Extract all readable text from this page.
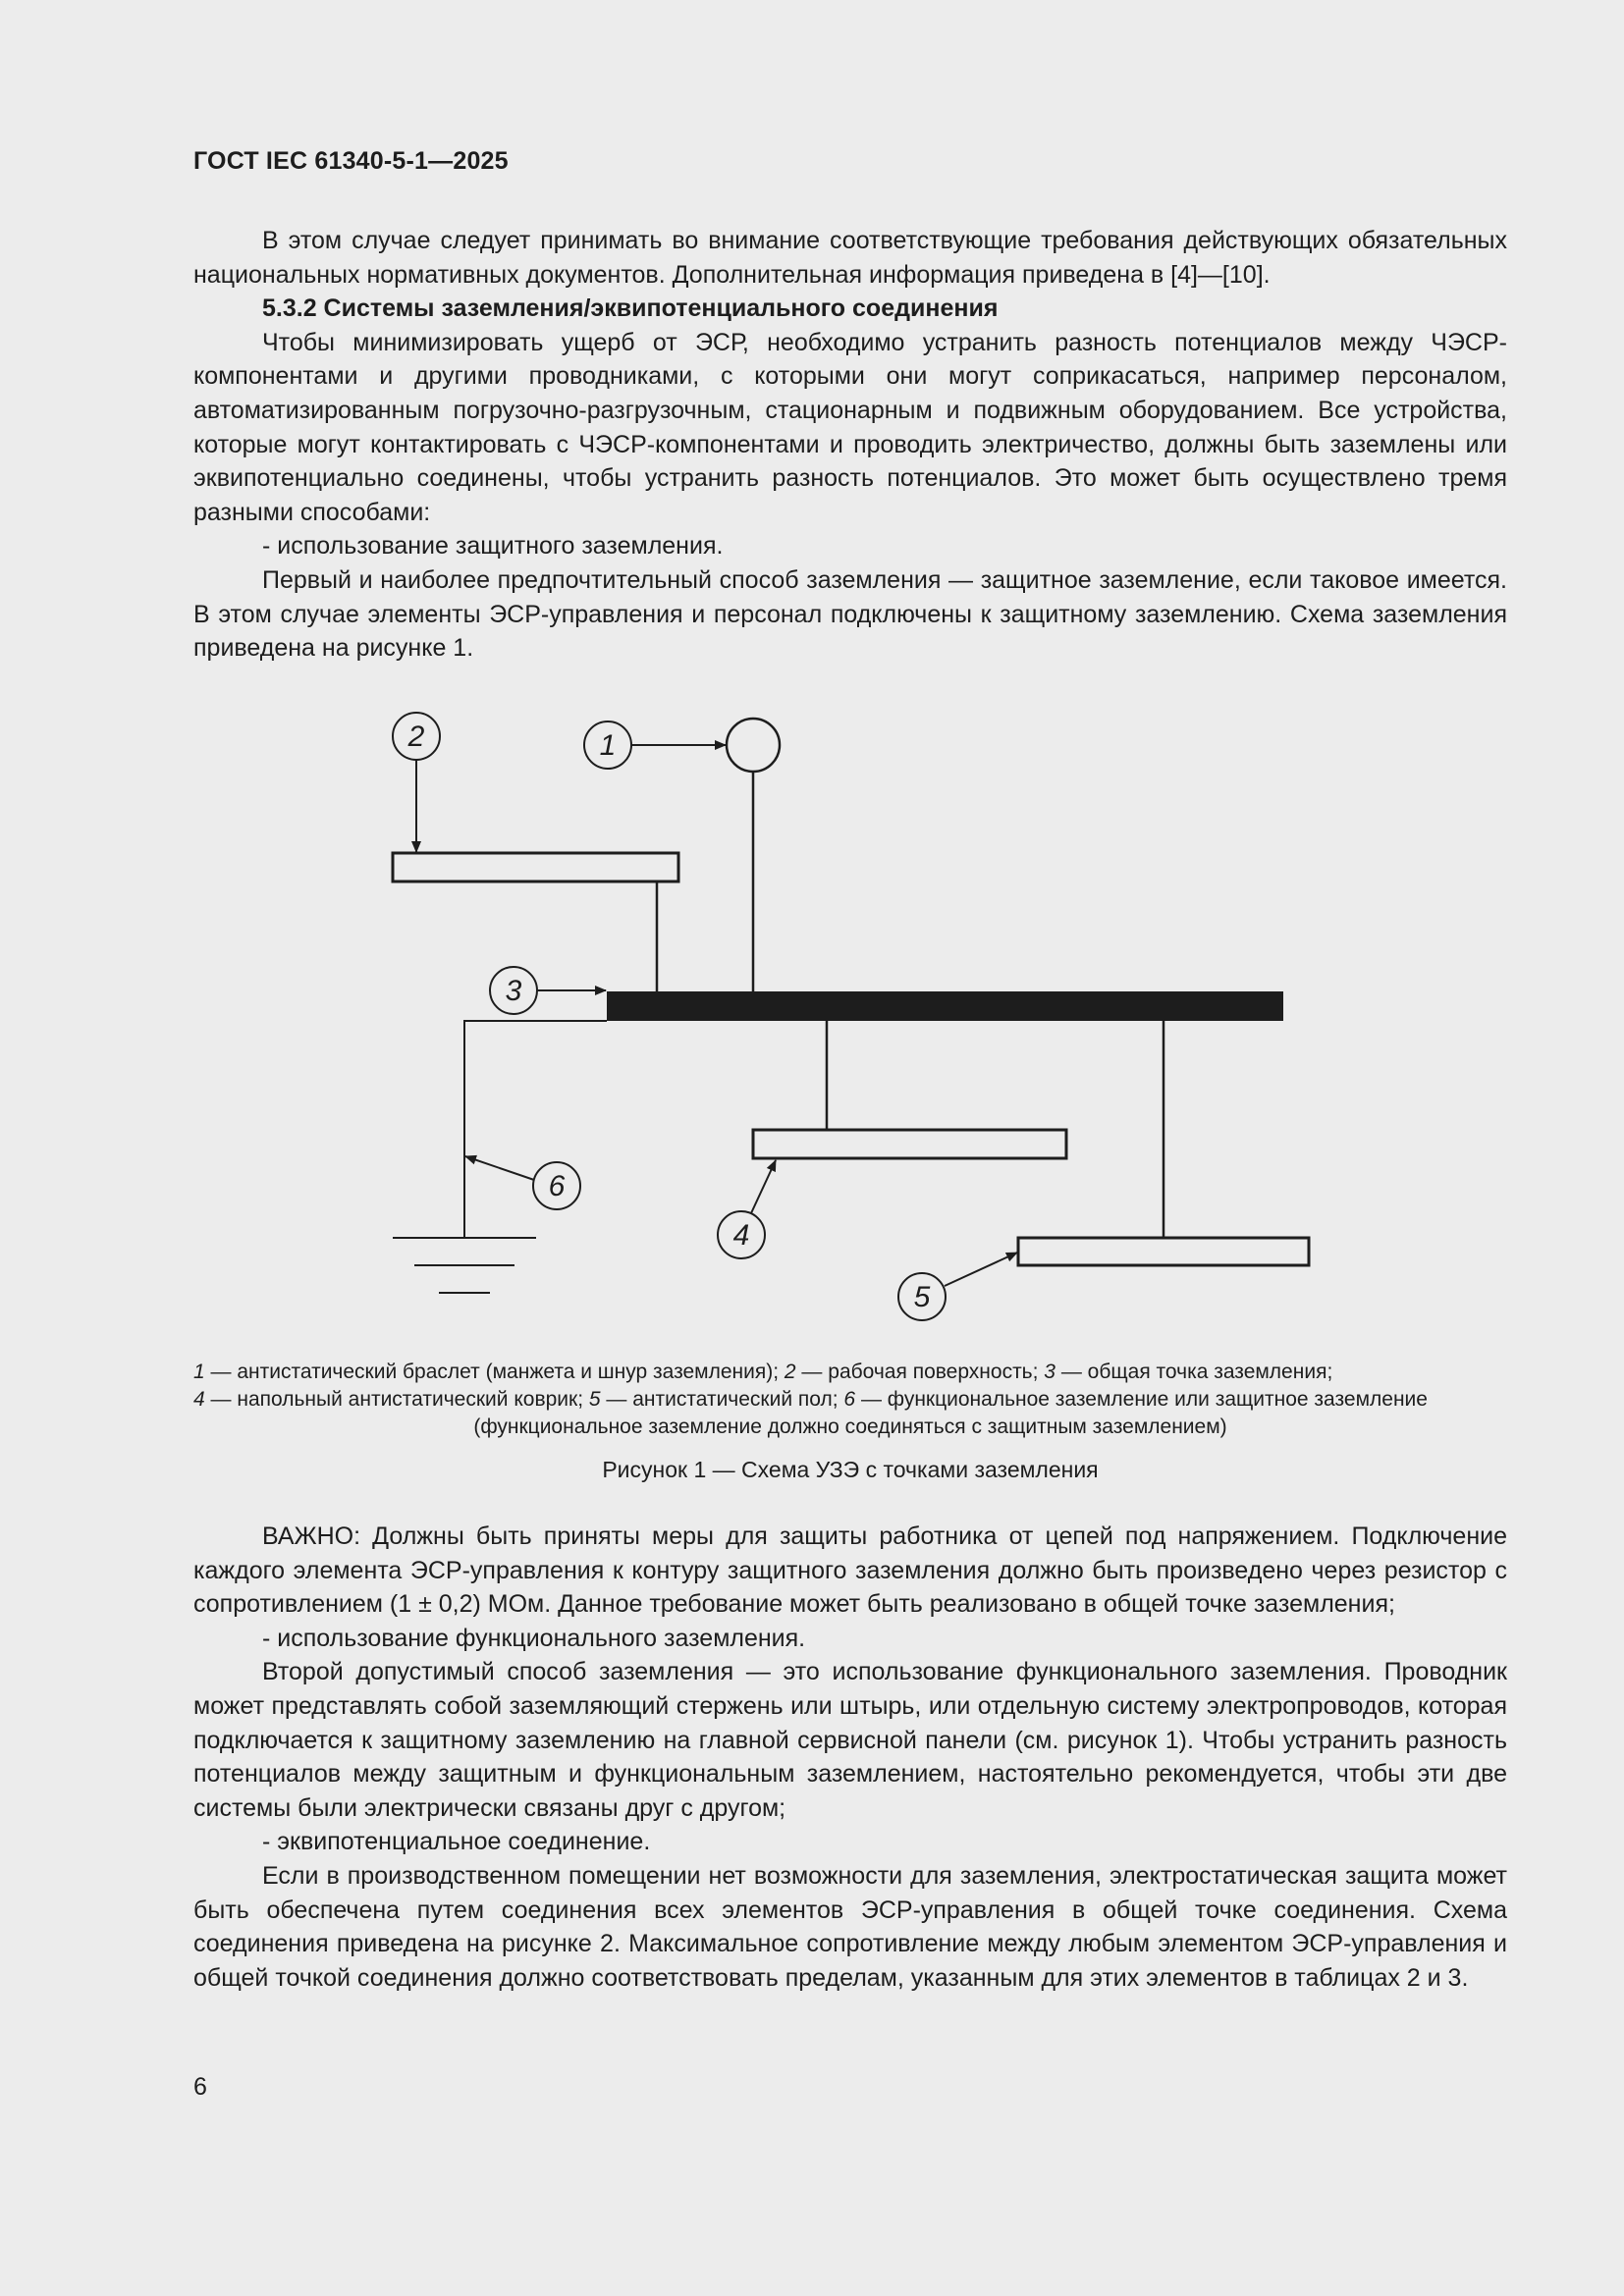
ГОСТ IEC 61340-5-1—2025

В этом случае следует принимать во внимание соответствующие требования действующих обязательных национальных нормативных документов. Дополнительная информация приведена в [4]—[10].

5.3.2 Системы заземления/эквипотенциального соединения

Чтобы минимизировать ущерб от ЭСР, необходимо устранить разность потенциалов между ЧЭСР-компонентами и другими проводниками, с которыми они могут соприкасаться, например персоналом, автоматизированным погрузочно-разгрузочным, стационарным и подвижным оборудованием. Все устройства, которые могут контактировать с ЧЭСР-компонентами и проводить электричество, должны быть заземлены или эквипотенциально соединены, чтобы устранить разность потенциалов. Это может быть осуществлено тремя разными способами:

- использование защитного заземления.

Первый и наиболее предпочтительный способ заземления — защитное заземление, если таковое имеется. В этом случае элементы ЭСР-управления и персонал подключены к защитному заземлению. Схема заземления приведена на рисунке 1.

1
2
3
4
5
6
1 — антистатический браслет (манжета и шнур заземления); 2 — рабочая поверхность; 3 — общая точка заземления;
4 — напольный антистатический коврик; 5 — антистатический пол; 6 — функциональное заземление или защитное заземление
(функциональное заземление должно соединяться с защитным заземлением)
Рисунок 1 — Схема УЗЭ с точками заземления

ВАЖНО: Должны быть приняты меры для защиты работника от цепей под напряжением. Подключение каждого элемента ЭСР-управления к контуру защитного заземления должно быть произведено через резистор с сопротивлением (1 ± 0,2) МОм. Данное требование может быть реализовано в общей точке заземления;

- использование функционального заземления.

Второй допустимый способ заземления — это использование функционального заземления. Проводник может представлять собой заземляющий стержень или штырь, или отдельную систему электропроводов, которая подключается к защитному заземлению на главной сервисной панели (см. рисунок 1). Чтобы устранить разность потенциалов между защитным и функциональным заземлением, настоятельно рекомендуется, чтобы эти две системы были электрически связаны друг с другом;

- эквипотенциальное соединение.

Если в производственном помещении нет возможности для заземления, электростатическая защита может быть обеспечена путем соединения всех элементов ЭСР-управления в общей точке соединения. Схема соединения приведена на рисунке 2. Максимальное сопротивление между любым элементом ЭСР-управления и общей точкой соединения должно соответствовать пределам, указанным для этих элементов в таблицах 2 и 3.

6
